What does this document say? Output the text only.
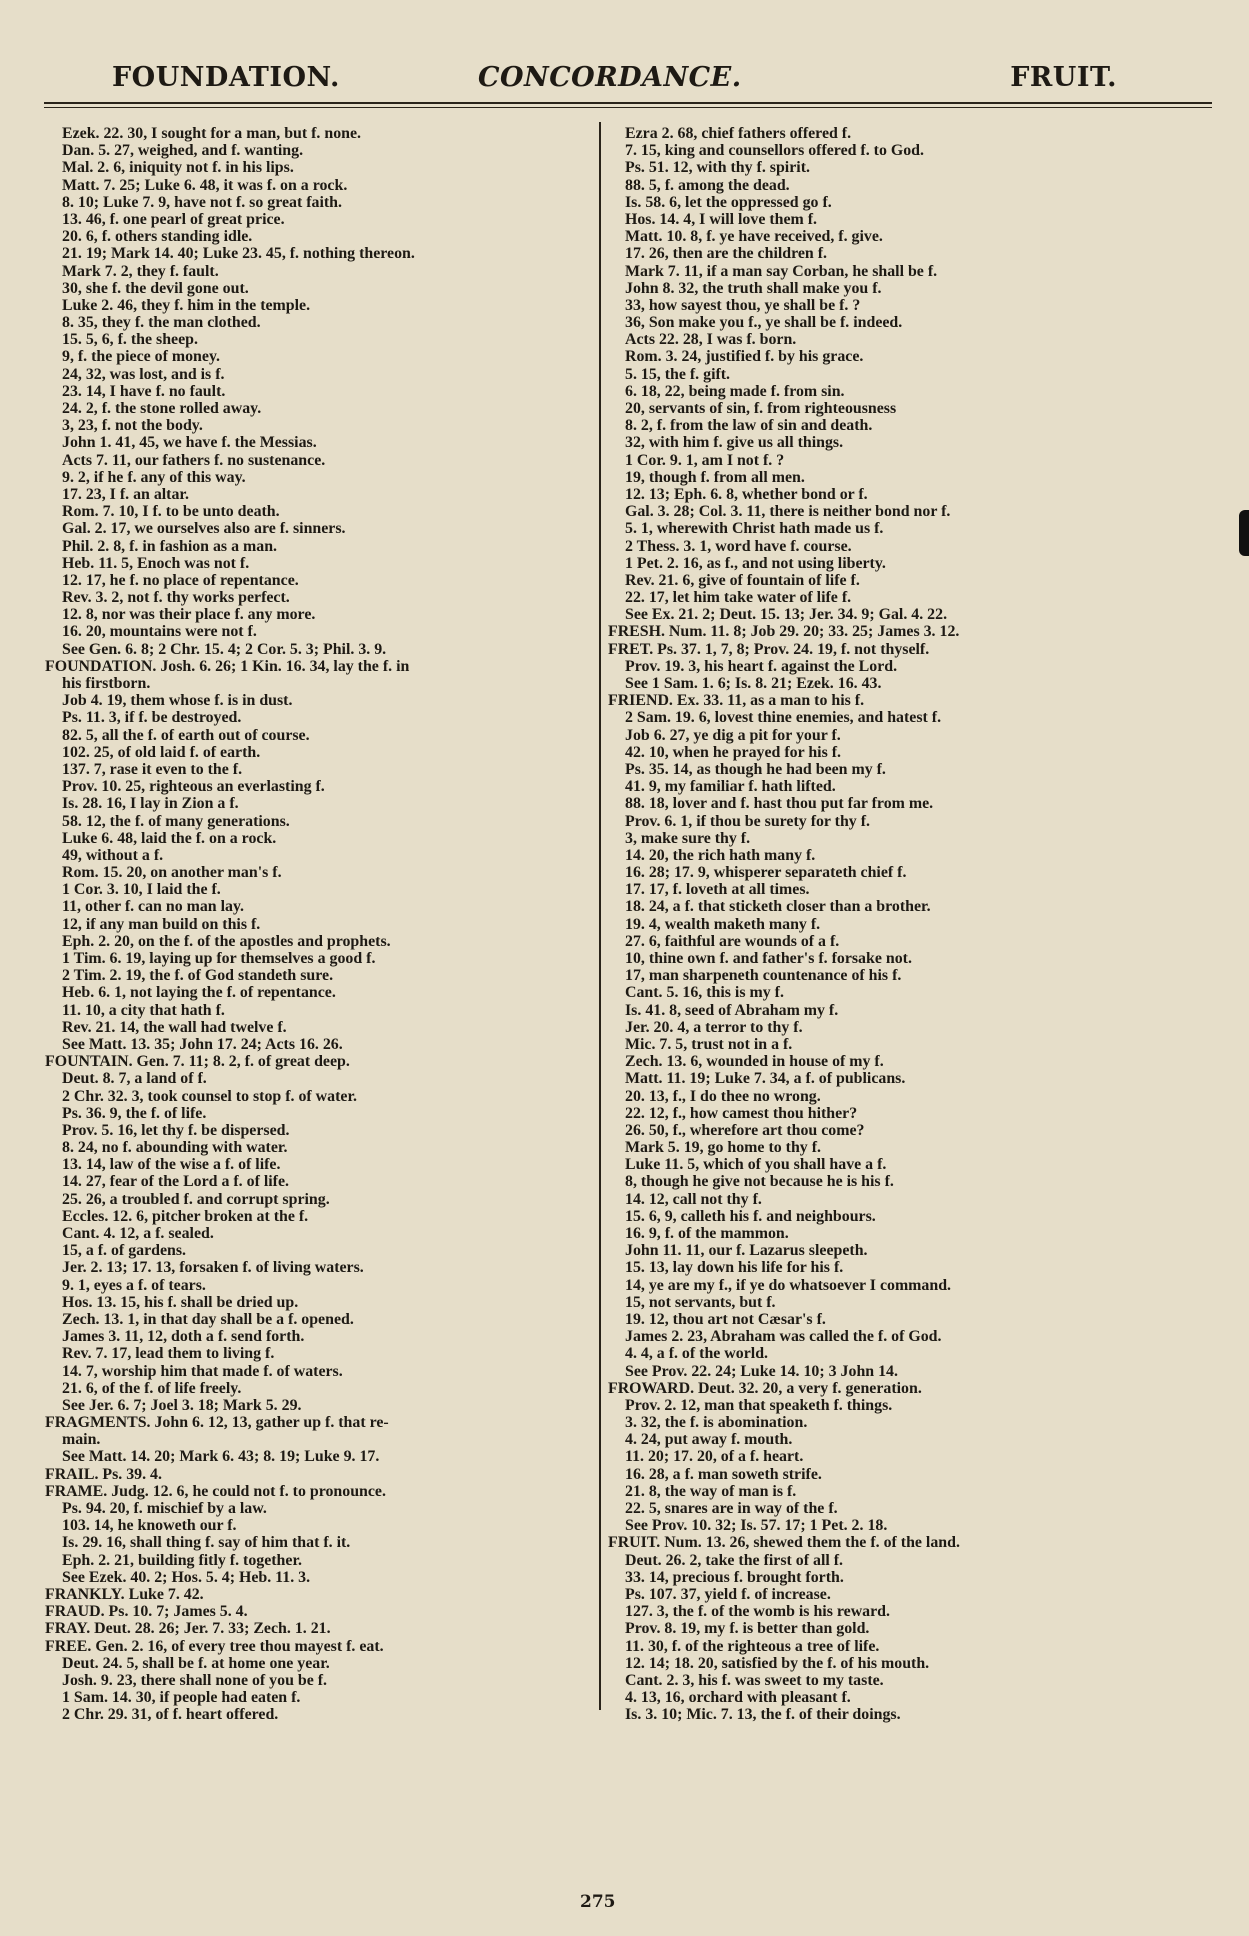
FOUNDATION.	CONCORDANCE.	FRUIT.
Ezek. 22. 30, I sought for a man, but f. none.
Dan. 5. 27, weighed, and f. wanting.
Mal. 2. 6, iniquity not f. in his lips.
Matt. 7. 25; Luke 6. 48, it was f. on a rock.
8. 10; Luke 7. 9, have not f. so great faith.
13. 46, f. one pearl of great price.
20. 6, f. others standing idle.
21. 19; Mark 14. 40; Luke 23. 45, f. nothing thereon.
Mark 7. 2, they f. fault.
30, she f. the devil gone out.
Luke 2. 46, they f. him in the temple.
8. 35, they f. the man clothed.
15. 5, 6, f. the sheep.
9, f. the piece of money.
24, 32, was lost, and is f.
23. 14, I have f. no fault.
24. 2, f. the stone rolled away.
3, 23, f. not the body.
John 1. 41, 45, we have f. the Messias.
Acts 7. 11, our fathers f. no sustenance.
9. 2, if he f. any of this way.
17. 23, I f. an altar.
Rom. 7. 10, I f. to be unto death.
Gal. 2. 17, we ourselves also are f. sinners.
Phil. 2. 8, f. in fashion as a man.
Heb. 11. 5, Enoch was not f.
12. 17, he f. no place of repentance.
Rev. 3. 2, not f. thy works perfect.
12. 8, nor was their place f. any more.
16. 20, mountains were not f.
See Gen. 6. 8; 2 Chr. 15. 4; 2 Cor. 5. 3; Phil. 3. 9.
FOUNDATION. Josh. 6. 26; 1 Kin. 16. 34, lay the f. in
his firstborn.
Job 4. 19, them whose f. is in dust.
Ps. 11. 3, if f. be destroyed.
82. 5, all the f. of earth out of course.
102. 25, of old laid f. of earth.
137. 7, rase it even to the f.
Prov. 10. 25, righteous an everlasting f.
Is. 28. 16, I lay in Zion a f.
58. 12, the f. of many generations.
Luke 6. 48, laid the f. on a rock.
49, without a f.
Rom. 15. 20, on another man's f.
1 Cor. 3. 10, I laid the f.
11, other f. can no man lay.
12, if any man build on this f.
Eph. 2. 20, on the f. of the apostles and prophets.
1 Tim. 6. 19, laying up for themselves a good f.
2 Tim. 2. 19, the f. of God standeth sure.
Heb. 6. 1, not laying the f. of repentance.
11. 10, a city that hath f.
Rev. 21. 14, the wall had twelve f.
See Matt. 13. 35; John 17. 24; Acts 16. 26.
FOUNTAIN. Gen. 7. 11; 8. 2, f. of great deep.
Deut. 8. 7, a land of f.
2 Chr. 32. 3, took counsel to stop f. of water.
Ps. 36. 9, the f. of life.
Prov. 5. 16, let thy f. be dispersed.
8. 24, no f. abounding with water.
13. 14, law of the wise a f. of life.
14. 27, fear of the Lord a f. of life.
25. 26, a troubled f. and corrupt spring.
Eccles. 12. 6, pitcher broken at the f.
Cant. 4. 12, a f. sealed.
15, a f. of gardens.
Jer. 2. 13; 17. 13, forsaken f. of living waters.
9. 1, eyes a f. of tears.
Hos. 13. 15, his f. shall be dried up.
Zech. 13. 1, in that day shall be a f. opened.
James 3. 11, 12, doth a f. send forth.
Rev. 7. 17, lead them to living f.
14. 7, worship him that made f. of waters.
21. 6, of the f. of life freely.
See Jer. 6. 7; Joel 3. 18; Mark 5. 29.
FRAGMENTS. John 6. 12, 13, gather up f. that re-
main.
See Matt. 14. 20; Mark 6. 43; 8. 19; Luke 9. 17.
FRAIL. Ps. 39. 4.
FRAME. Judg. 12. 6, he could not f. to pronounce.
Ps. 94. 20, f. mischief by a law.
103. 14, he knoweth our f.
Is. 29. 16, shall thing f. say of him that f. it.
Eph. 2. 21, building fitly f. together.
See Ezek. 40. 2; Hos. 5. 4; Heb. 11. 3.
FRANKLY. Luke 7. 42.
FRAUD. Ps. 10. 7; James 5. 4.
FRAY. Deut. 28. 26; Jer. 7. 33; Zech. 1. 21.
FREE. Gen. 2. 16, of every tree thou mayest f. eat.
Deut. 24. 5, shall be f. at home one year.
Josh. 9. 23, there shall none of you be f.
1 Sam. 14. 30, if people had eaten f.
2 Chr. 29. 31, of f. heart offered.
Ezra 2. 68, chief fathers offered f.
7. 15, king and counsellors offered f. to God.
Ps. 51. 12, with thy f. spirit.
88. 5, f. among the dead.
Is. 58. 6, let the oppressed go f.
Hos. 14. 4, I will love them f.
Matt. 10. 8, f. ye have received, f. give.
17. 26, then are the children f.
Mark 7. 11, if a man say Corban, he shall be f.
John 8. 32, the truth shall make you f.
33, how sayest thou, ye shall be f. ?
36, Son make you f., ye shall be f. indeed.
Acts 22. 28, I was f. born.
Rom. 3. 24, justified f. by his grace.
5. 15, the f. gift.
6. 18, 22, being made f. from sin.
20, servants of sin, f. from righteousness
8. 2, f. from the law of sin and death.
32, with him f. give us all things.
1 Cor. 9. 1, am I not f. ?
19, though f. from all men.
12. 13; Eph. 6. 8, whether bond or f.
Gal. 3. 28; Col. 3. 11, there is neither bond nor f.
5. 1, wherewith Christ hath made us f.
2 Thess. 3. 1, word have f. course.
1 Pet. 2. 16, as f., and not using liberty.
Rev. 21. 6, give of fountain of life f.
22. 17, let him take water of life f.
See Ex. 21. 2; Deut. 15. 13; Jer. 34. 9; Gal. 4. 22.
FRESH. Num. 11. 8; Job 29. 20; 33. 25; James 3. 12.
FRET. Ps. 37. 1, 7, 8; Prov. 24. 19, f. not thyself.
Prov. 19. 3, his heart f. against the Lord.
See 1 Sam. 1. 6; Is. 8. 21; Ezek. 16. 43.
FRIEND. Ex. 33. 11, as a man to his f.
2 Sam. 19. 6, lovest thine enemies, and hatest f.
Job 6. 27, ye dig a pit for your f.
42. 10, when he prayed for his f.
Ps. 35. 14, as though he had been my f.
41. 9, my familiar f. hath lifted.
88. 18, lover and f. hast thou put far from me.
Prov. 6. 1, if thou be surety for thy f.
3, make sure thy f.
14. 20, the rich hath many f.
16. 28; 17. 9, whisperer separateth chief f.
17. 17, f. loveth at all times.
18. 24, a f. that sticketh closer than a brother.
19. 4, wealth maketh many f.
27. 6, faithful are wounds of a f.
10, thine own f. and father's f. forsake not.
17, man sharpeneth countenance of his f.
Cant. 5. 16, this is my f.
Is. 41. 8, seed of Abraham my f.
Jer. 20. 4, a terror to thy f.
Mic. 7. 5, trust not in a f.
Zech. 13. 6, wounded in house of my f.
Matt. 11. 19; Luke 7. 34, a f. of publicans.
20. 13, f., I do thee no wrong.
22. 12, f., how camest thou hither?
26. 50, f., wherefore art thou come?
Mark 5. 19, go home to thy f.
Luke 11. 5, which of you shall have a f.
8, though he give not because he is his f.
14. 12, call not thy f.
15. 6, 9, calleth his f. and neighbours.
16. 9, f. of the mammon.
John 11. 11, our f. Lazarus sleepeth.
15. 13, lay down his life for his f.
14, ye are my f., if ye do whatsoever I command.
15, not servants, but f.
19. 12, thou art not Cæsar's f.
James 2. 23, Abraham was called the f. of God.
4. 4, a f. of the world.
See Prov. 22. 24; Luke 14. 10; 3 John 14.
FROWARD. Deut. 32. 20, a very f. generation.
Prov. 2. 12, man that speaketh f. things.
3. 32, the f. is abomination.
4. 24, put away f. mouth.
11. 20; 17. 20, of a f. heart.
16. 28, a f. man soweth strife.
21. 8, the way of man is f.
22. 5, snares are in way of the f.
See Prov. 10. 32; Is. 57. 17; 1 Pet. 2. 18.
FRUIT. Num. 13. 26, shewed them the f. of the land.
Deut. 26. 2, take the first of all f.
33. 14, precious f. brought forth.
Ps. 107. 37, yield f. of increase.
127. 3, the f. of the womb is his reward.
Prov. 8. 19, my f. is better than gold.
11. 30, f. of the righteous a tree of life.
12. 14; 18. 20, satisfied by the f. of his mouth.
Cant. 2. 3, his f. was sweet to my taste.
4. 13, 16, orchard with pleasant f.
Is. 3. 10; Mic. 7. 13, the f. of their doings.
275
